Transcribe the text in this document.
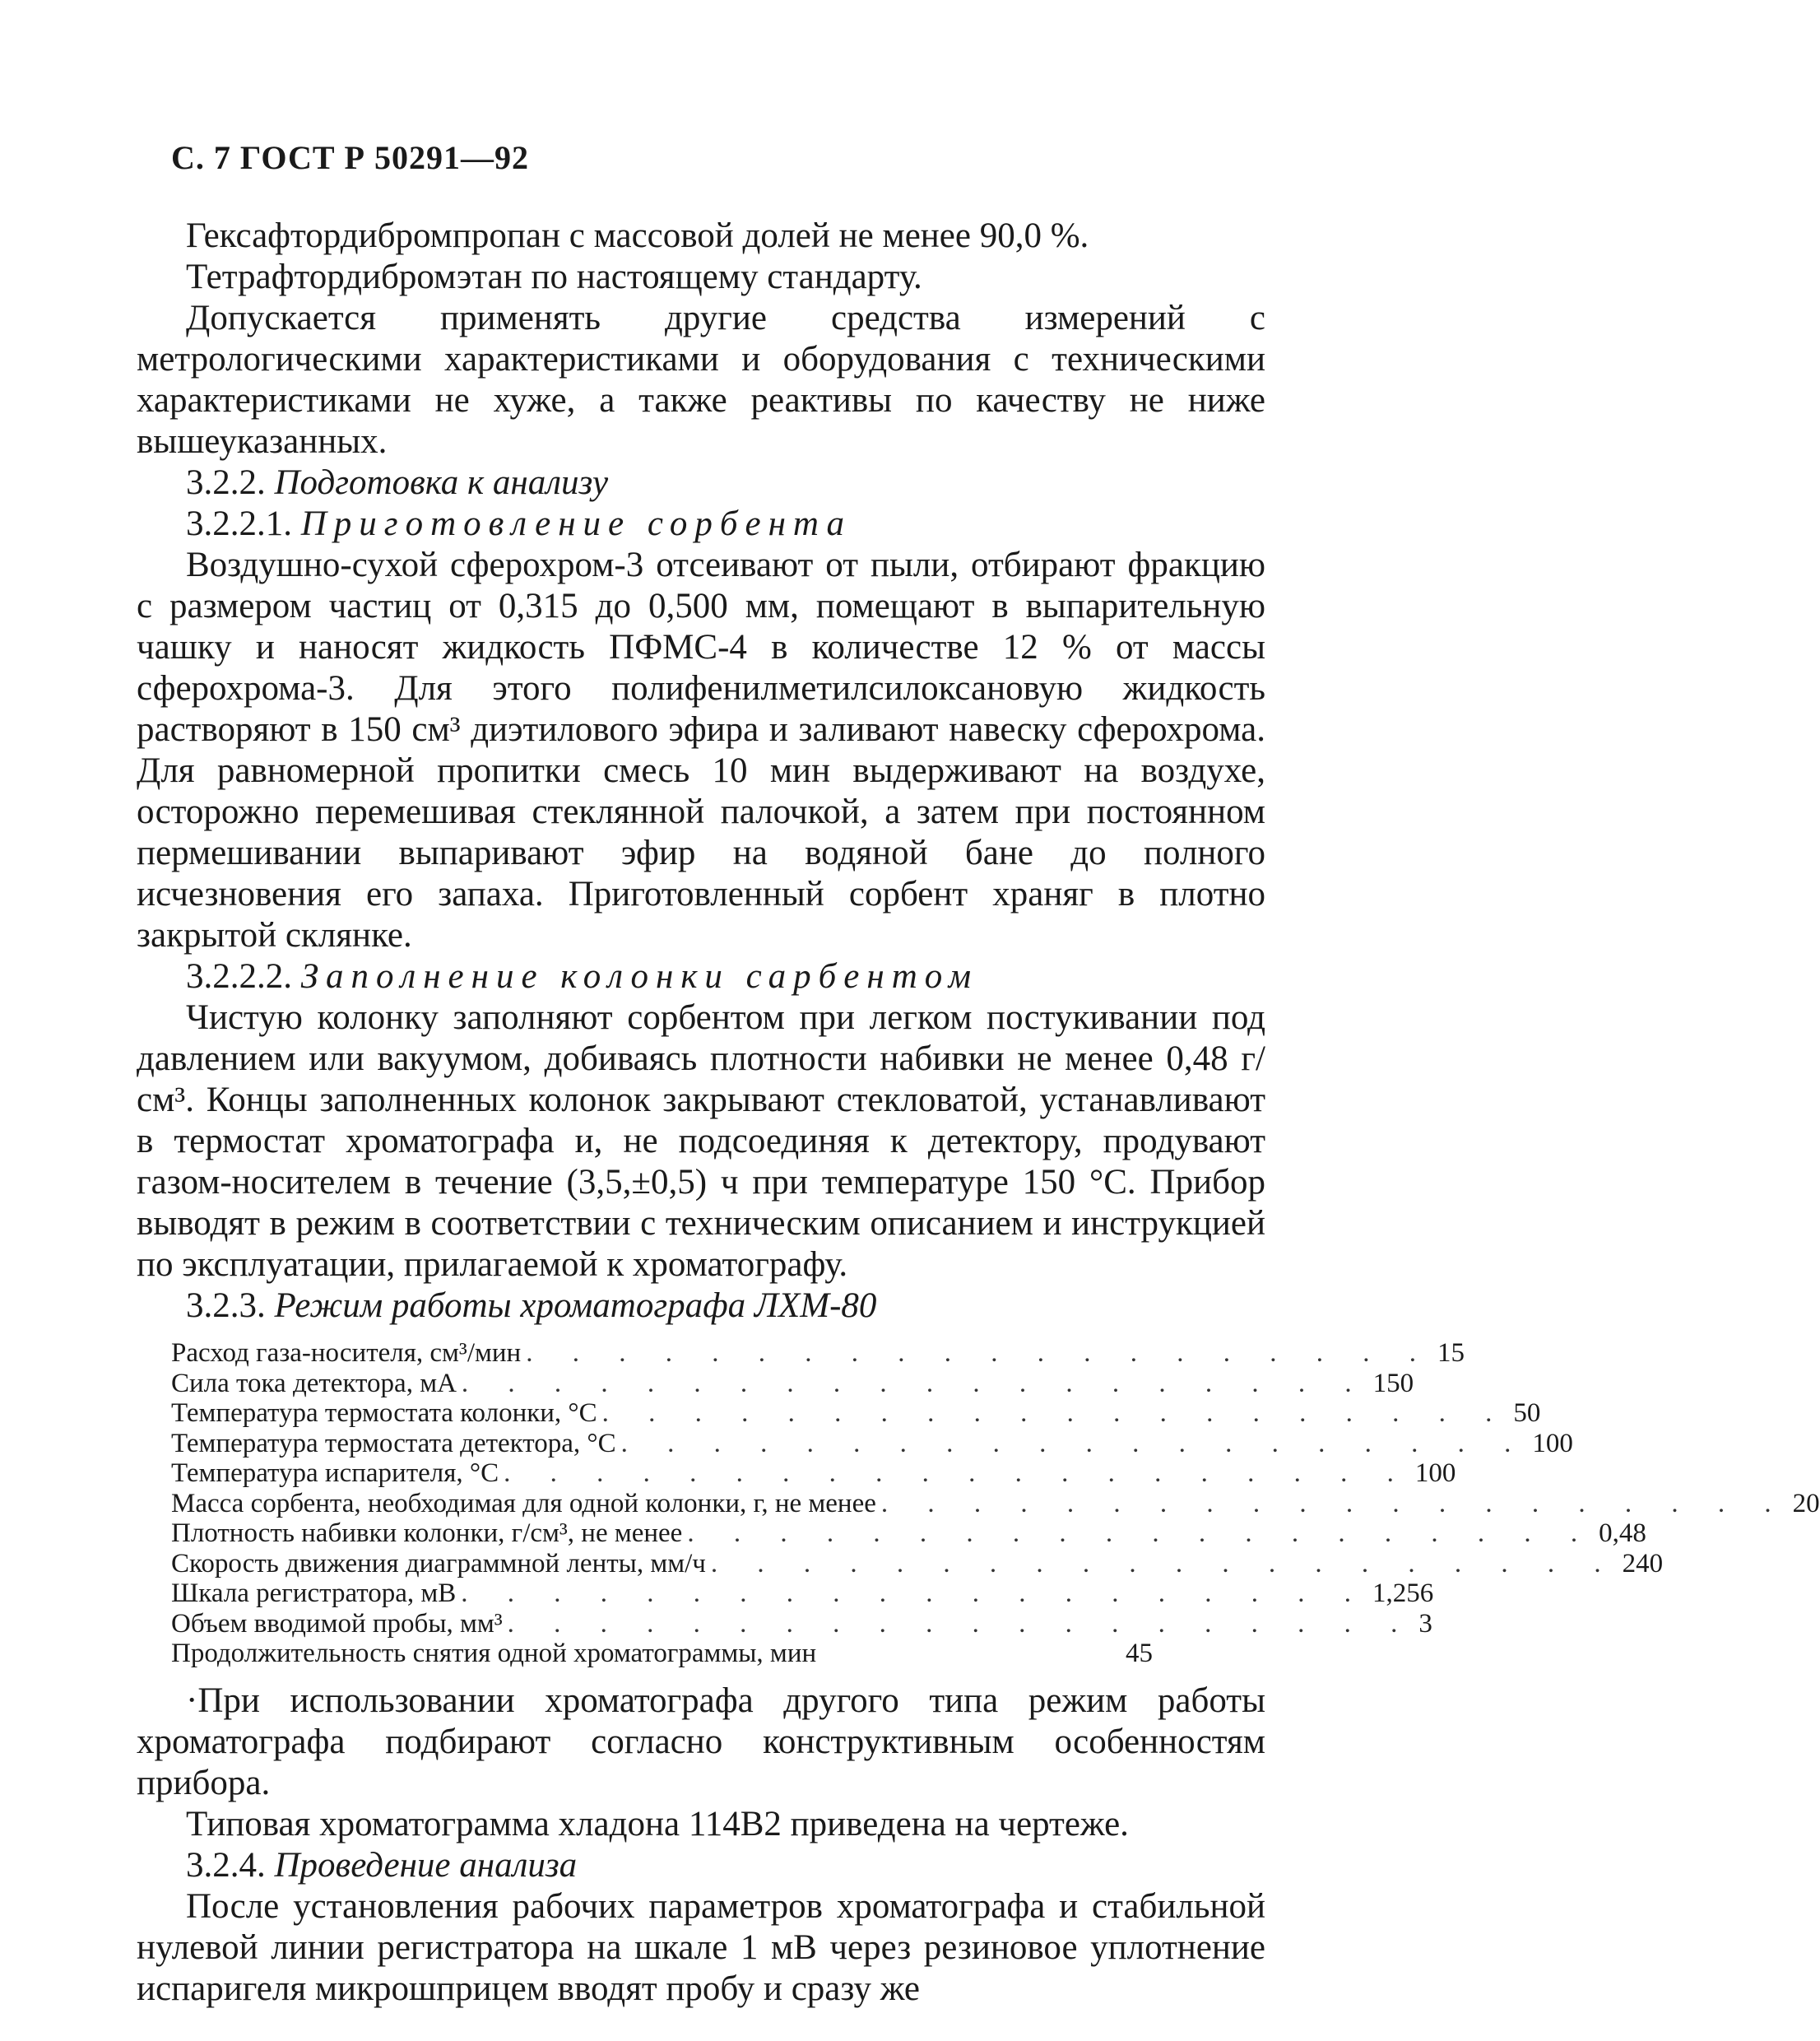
С. 7 ГОСТ Р 50291—92

Гексафтордибромпропан с массовой долей не менее 90,0 %.

Тетрафтордибромэтан по настоящему стандарту.

Допускается применять другие средства измерений с метрологическими характеристиками и оборудования с техническими характеристиками не хуже, а также реактивы по качеству не ниже вышеуказанных.

3.2.2. Подготовка к анализу

3.2.2.1. Приготовление сорбента

Воздушно-сухой сферохром-3 отсеивают от пыли, отбирают фракцию с размером частиц от 0,315 до 0,500 мм, помещают в выпарительную чашку и наносят жидкость ПФМС-4 в количестве 12 % от массы сферохрома-3. Для этого полифенилметилсилоксановую жидкость растворяют в 150 см³ диэтилового эфира и заливают навеску сферохрома. Для равномерной пропитки смесь 10 мин выдерживают на воздухе, осторожно перемешивая стеклянной палочкой, а затем при постоянном пермешивании выпаривают эфир на водяной бане до полного исчезновения его запаха. Приготовленный сорбент храняг в плотно закрытой склянке.

3.2.2.2. Заполнение колонки сарбентом

Чистую колонку заполняют сорбентом при легком постукивании под давлением или вакуумом, добиваясь плотности набивки не менее 0,48 г/см³. Концы заполненных колонок закрывают стекловатой, устанавливают в термостат хроматографа и, не подсоединяя к детектору, продувают газом-носителем в течение (3,5,±0,5) ч при температуре 150 °С. Прибор выводят в режим в соответствии с техническим описанием и инструкцией по эксплуатации, прилагаемой к хроматографу.

3.2.3. Режим работы хроматографа ЛХМ-80

Расход газа-носителя, см³/мин . . . . . . . . . . . . . . . . . . . . 15
Сила тока детектора, мА . . . . . . . . . . . . . . . . . . . . 150
Температура термостата колонки, °С . . . . . . . . . . . . . . . . . . . . 50
Температура термостата детектора, °С . . . . . . . . . . . . . . . . . . . . 100
Температура испарителя, °С . . . . . . . . . . . . . . . . . . . . 100
Масса сорбента, необходимая для одной колонки, г, не менее . . . . . . . . . . . . . . . . . . . . 20
Плотность набивки колонки, г/см³, не менее . . . . . . . . . . . . . . . . . . . . 0,48
Скорость движения диаграммной ленты, мм/ч . . . . . . . . . . . . . . . . . . . . 240
Шкала регистратора, мВ . . . . . . . . . . . . . . . . . . . . 1,256
Объем вводимой пробы, мм³ . . . . . . . . . . . . . . . . . . . . 3
Продолжительность снятия одной хроматограммы, мин
	45

·При использовании хроматографа другого типа режим работы хроматографа подбирают согласно конструктивным особенностям прибора.

Типовая хроматограмма хладона 114В2 приведена на чертеже.

3.2.4. Проведение анализа

После установления рабочих параметров хроматографа и стабильной нулевой линии регистратора на шкале 1 мВ через резиновое уплотнение испаригеля микрошприцем вводят пробу и сразу же
